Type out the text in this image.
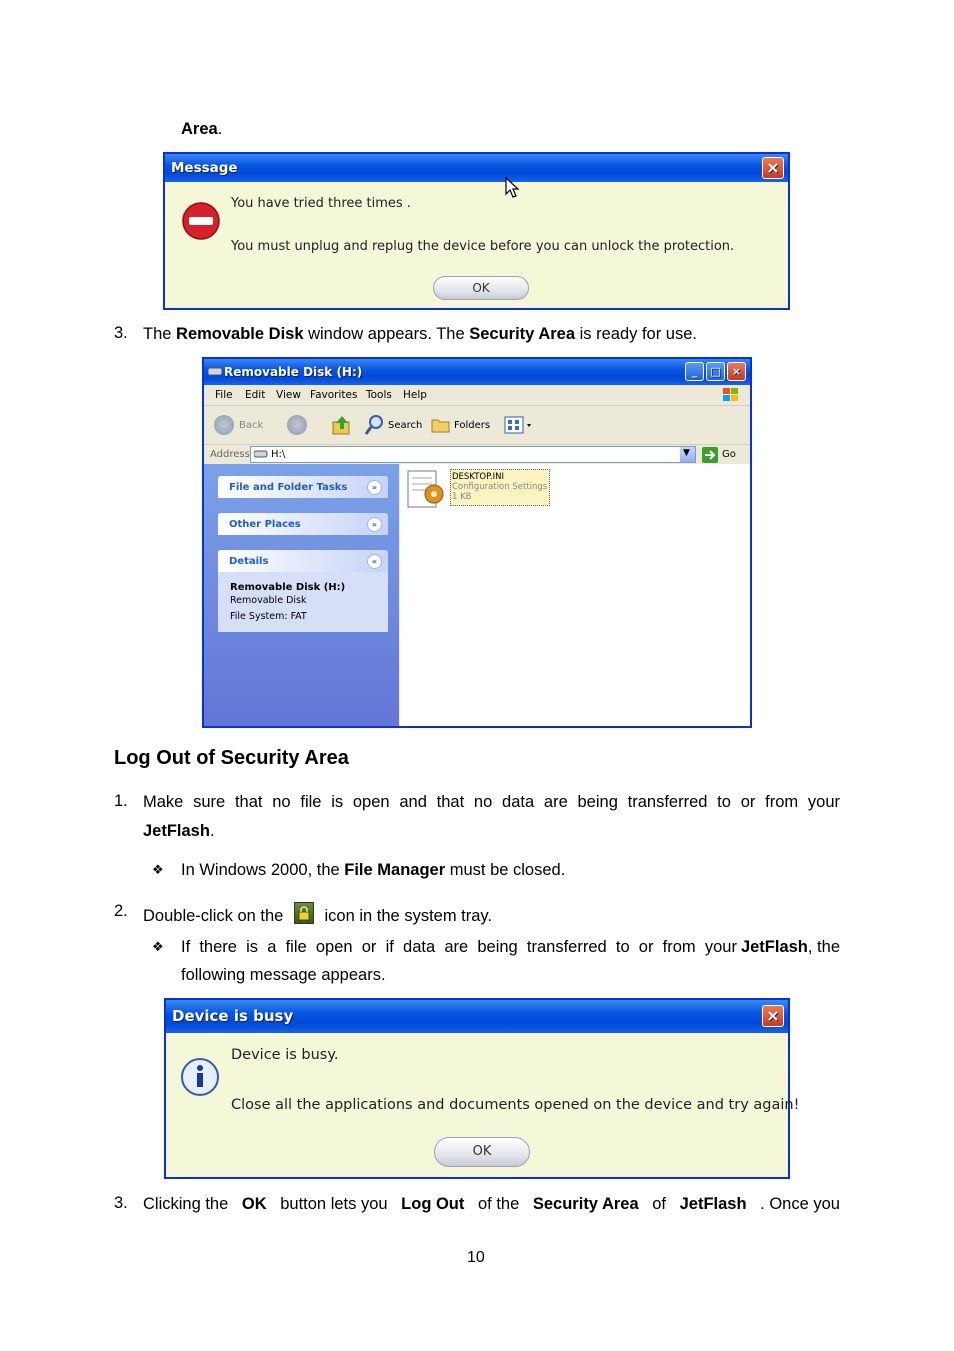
Area.
Message	×
You have tried three times .
You must unplug and replug the device before you can unlock the protection.
OK
3. The Removable Disk window appears. The Security Area is ready for use.
Removable Disk (H:)	_	□	×
File Edit View Favorites Tools Help
Back	Search	Folders
Address H:\	▼	Go
File and Folder Tasks	»
Other Places	»
Details	«
Removable Disk (H:)
Removable Disk
File System: FAT
DESKTOP.INI
Configuration Settings
1 KB
Log Out of Security Area
1. Make sure that no file is open and that no data are being transferred to or from your
JetFlash.
❖ In Windows 2000, the File Manager must be closed.
2. Double-click on the icon in the system tray.
❖ If there is a file open or if data are being transferred to or from your JetFlash , the
following message appears.
Device is busy	×
Device is busy.
Close all the applications and documents opened on the device and try again!
OK
3. Clicking the OK button lets you Log Out of the Security Area of JetFlash . Once you
10
